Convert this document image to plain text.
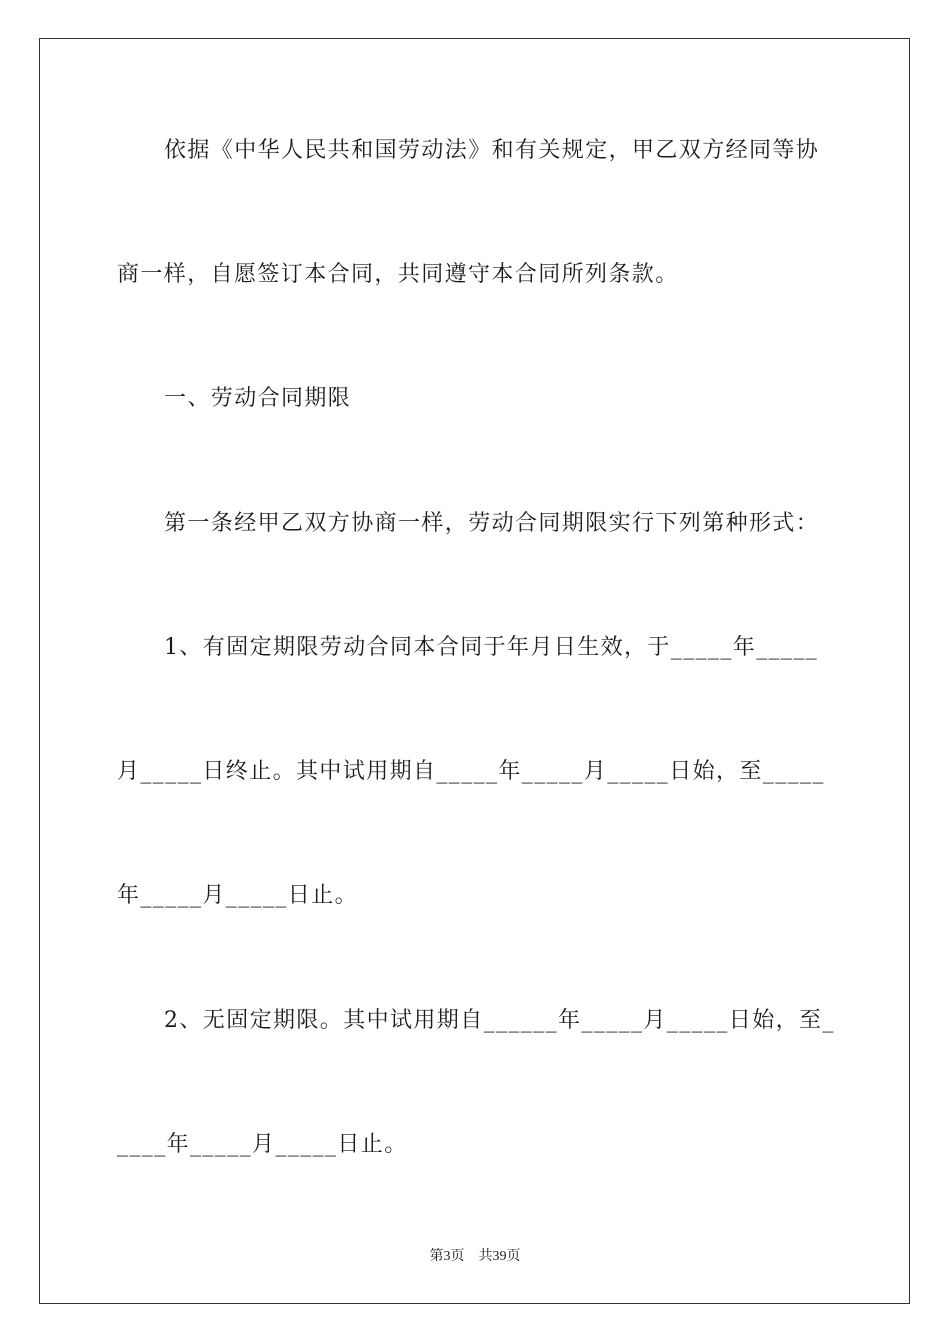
依据《中华人民共和国劳动法》和有关规定，甲乙双方经同等协
商一样，自愿签订本合同，共同遵守本合同所列条款。
一、劳动合同期限
第一条经甲乙双方协商一样，劳动合同期限实行下列第种形式：
1、有固定期限劳动合同本合同于年月日生效，于_____年_____
月_____日终止。其中试用期自_____年_____月_____日始，至_____
年_____月_____日止。
2、无固定期限。其中试用期自______年_____月_____日始，至_
____年_____月_____日止。
第3页 共39页
